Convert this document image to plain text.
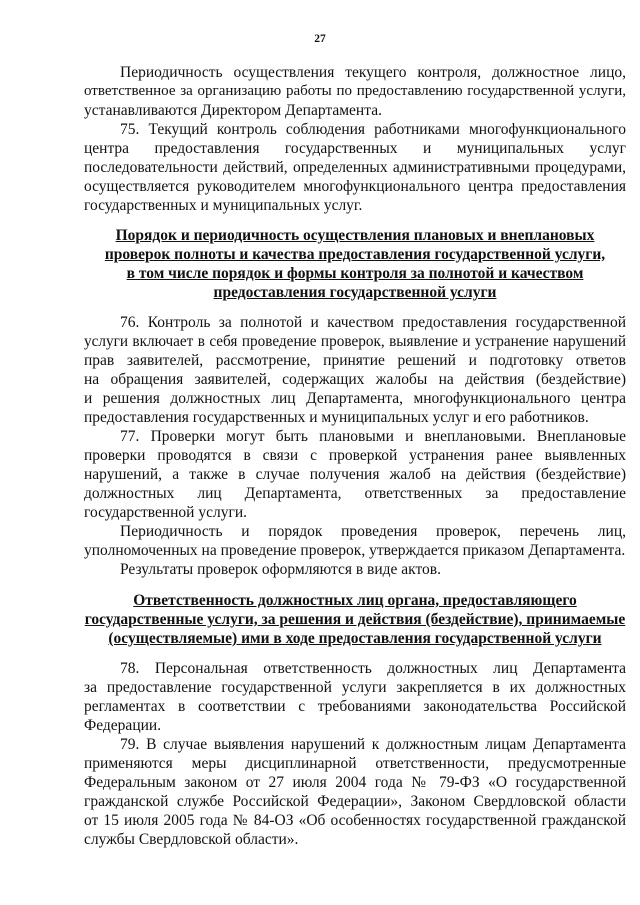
27
Периодичность осуществления текущего контроля, должностное лицо,
ответственное за организацию работы по предоставлению государственной услуги,
устанавливаются Директором Департамента.
75. Текущий контроль соблюдения работниками многофункционального
центра предоставления государственных и муниципальных услуг
последовательности действий, определенных административными процедурами,
осуществляется руководителем многофункционального центра предоставления
государственных и муниципальных услуг.
Порядок и периодичность осуществления плановых и внеплановых
проверок полноты и качества предоставления государственной услуги,
в том числе порядок и формы контроля за полнотой и качеством
предоставления государственной услуги
76. Контроль за полнотой и качеством предоставления государственной
услуги включает в себя проведение проверок, выявление и устранение нарушений
прав заявителей, рассмотрение, принятие решений и подготовку ответов
на обращения заявителей, содержащих жалобы на действия (бездействие)
и решения должностных лиц Департамента, многофункционального центра
предоставления государственных и муниципальных услуг и его работников.
77. Проверки могут быть плановыми и внеплановыми. Внеплановые
проверки проводятся в связи с проверкой устранения ранее выявленных
нарушений, а также в случае получения жалоб на действия (бездействие)
должностных лиц Департамента, ответственных за предоставление
государственной услуги.
Периодичность и порядок проведения проверок, перечень лиц,
уполномоченных на проведение проверок, утверждается приказом Департамента.
Результаты проверок оформляются в виде актов.
Ответственность должностных лиц органа, предоставляющего
государственные услуги, за решения и действия (бездействие), принимаемые
(осуществляемые) ими в ходе предоставления государственной услуги
78. Персональная ответственность должностных лиц Департамента
за предоставление государственной услуги закрепляется в их должностных
регламентах в соответствии с требованиями законодательства Российской
Федерации.
79. В случае выявления нарушений к должностным лицам Департамента
применяются меры дисциплинарной ответственности, предусмотренные
Федеральным законом от 27 июля 2004 года № 79-ФЗ «О государственной
гражданской службе Российской Федерации», Законом Свердловской области
от 15 июля 2005 года № 84-ОЗ «Об особенностях государственной гражданской
службы Свердловской области».
